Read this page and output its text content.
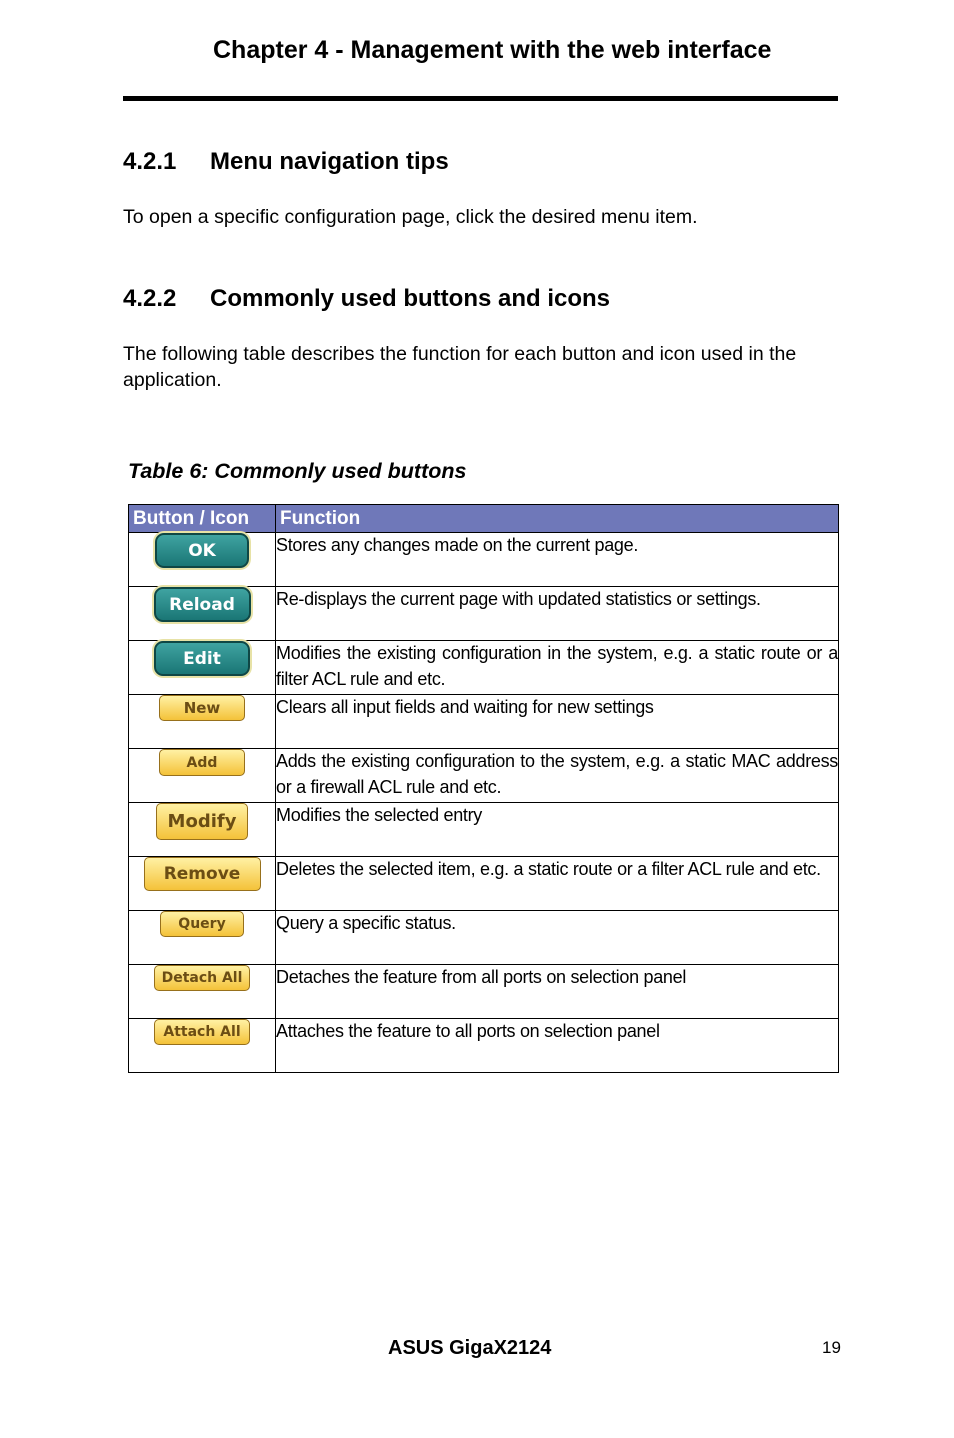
Chapter 4 - Management with the web interface
4.2.1 Menu navigation tips
To open a specific configuration page, click the desired menu item.
4.2.2 Commonly used buttons and icons
The following table describes the function for each button and icon used in the application.
Table 6: Commonly used buttons
Button / Icon	Function
OK	Stores any changes made on the current page.
Reload	Re-displays the current page with updated statistics or settings.
Edit	Modifies the existing configuration in the system, e.g. a static route or a filter ACL rule and etc.
New	Clears all input fields and waiting for new settings
Add	Adds the existing configuration to the system, e.g. a static MAC address or a firewall ACL rule and etc.
Modify	Modifies the selected entry
Remove	Deletes the selected item, e.g. a static route or a filter ACL rule and etc.
Query	Query a specific status.
Detach All	Detaches the feature from all ports on selection panel
Attach All	Attaches the feature to all ports on selection panel
ASUS GigaX2124	19
